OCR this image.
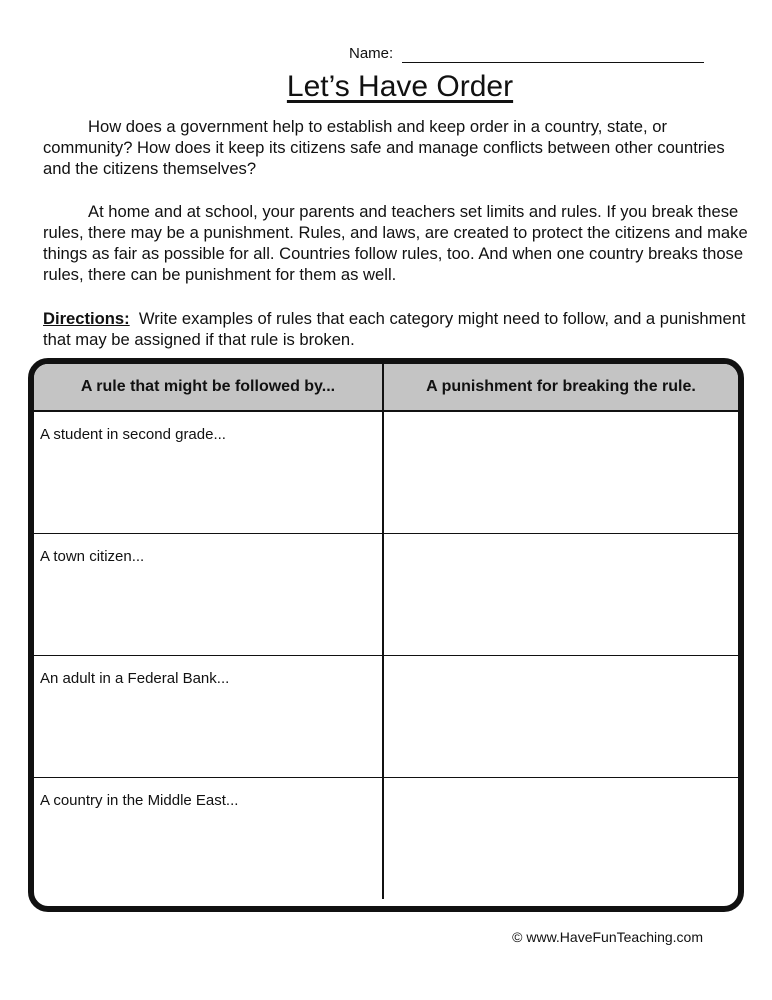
Name:
Let’s Have Order
How does a government help to establish and keep order in a country, state, or community? How does it keep its citizens safe and manage conflicts between other countries and the citizens themselves?
At home and at school, your parents and teachers set limits and rules. If you break these rules, there may be a punishment. Rules, and laws, are created to protect the citizens and make things as fair as possible for all. Countries follow rules, too. And when one country breaks those rules, there can be punishment for them as well.
Directions: Write examples of rules that each category might need to follow, and a punishment that may be assigned if that rule is broken.
A rule that might be followed by...	A punishment for breaking the rule.
A student in second grade...
A town citizen...
An adult in a Federal Bank...
A country in the Middle East...
© www.HaveFunTeaching.com
